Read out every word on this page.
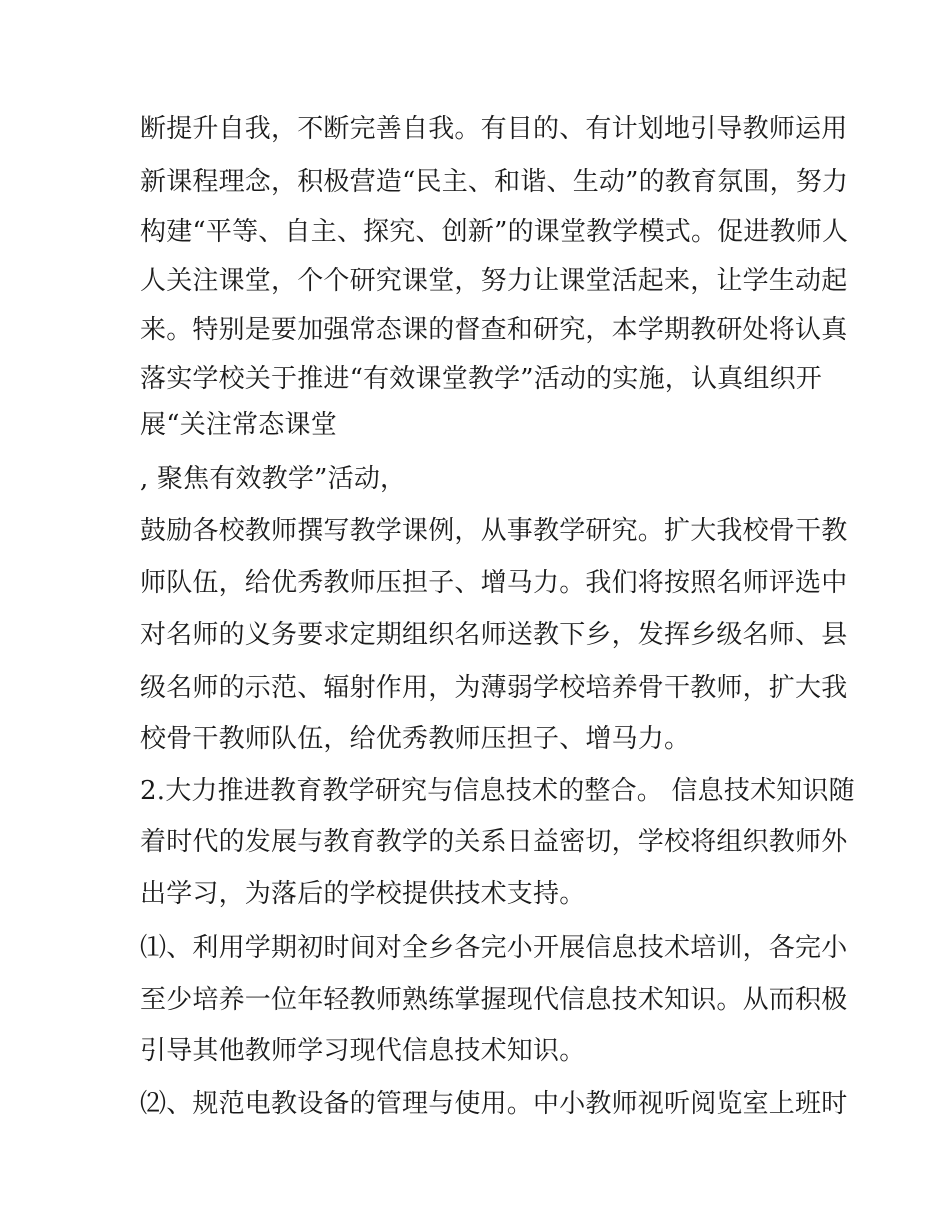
断提升自我，不断完善自我。有目的、有计划地引导教师运用
新课程理念，积极营造“民主、和谐、生动”的教育氛围，努力
构建“平等、自主、探究、创新”的课堂教学模式。促进教师人
人关注课堂，个个研究课堂，努力让课堂活起来，让学生动起
来。特别是要加强常态课的督查和研究，本学期教研处将认真
落实学校关于推进“有效课堂教学”活动的实施，认真组织开
展“关注常态课堂
, 聚焦有效教学”活动，
鼓励各校教师撰写教学课例，从事教学研究。扩大我校骨干教
师队伍，给优秀教师压担子、增马力。我们将按照名师评选中
对名师的义务要求定期组织名师送教下乡，发挥乡级名师、县
级名师的示范、辐射作用，为薄弱学校培养骨干教师，扩大我
校骨干教师队伍，给优秀教师压担子、增马力。
2.大力推进教育教学研究与信息技术的整合。 信息技术知识随
着时代的发展与教育教学的关系日益密切，学校将组织教师外
出学习，为落后的学校提供技术支持。
⑴、利用学期初时间对全乡各完小开展信息技术培训，各完小
至少培养一位年轻教师熟练掌握现代信息技术知识。从而积极
引导其他教师学习现代信息技术知识。
⑵、规范电教设备的管理与使用。中小教师视听阅览室上班时
